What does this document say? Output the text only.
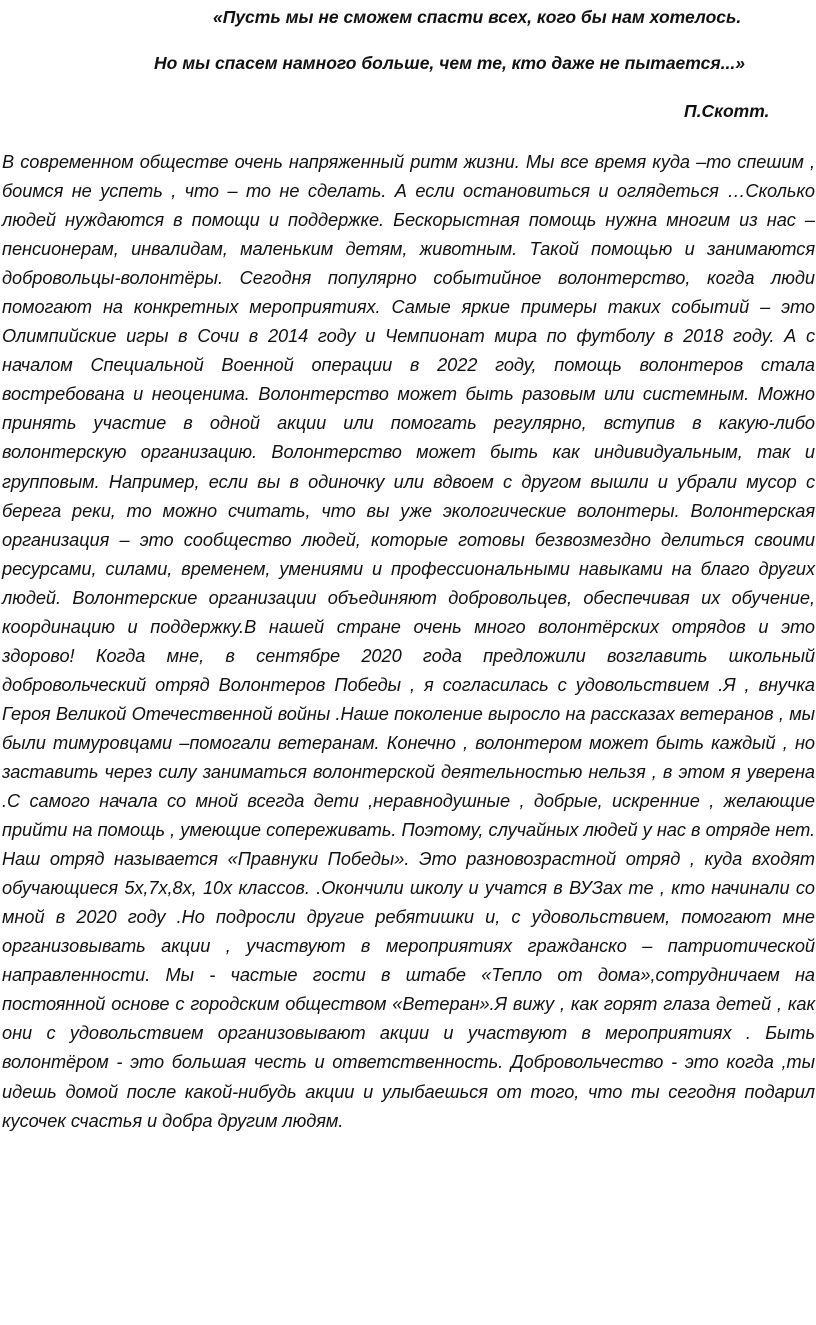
«Пусть мы не сможем спасти всех, кого бы нам хотелось.
Но мы спасем намного больше, чем те, кто даже не пытается...»
П.Скотт.

В современном обществе очень напряженный ритм жизни. Мы все время куда –то спешим , боимся не успеть , что – то не сделать. А если остановиться и оглядеться …Сколько людей нуждаются в помощи и поддержке. Бескорыстная помощь нужна многим из нас – пенсионерам, инвалидам, маленьким детям, животным. Такой помощью и занимаются добровольцы-волонтёры. Сегодня популярно событийное волонтерство, когда люди помогают на конкретных мероприятиях. Самые яркие примеры таких событий – это Олимпийские игры в Сочи в 2014 году и Чемпионат мира по футболу в 2018 году. А с началом Специальной Военной операции в 2022 году, помощь волонтеров стала востребована и неоценима. Волонтерство может быть разовым или системным. Можно принять участие в одной акции или помогать регулярно, вступив в какую-либо волонтерскую организацию. Волонтерство может быть как индивидуальным, так и групповым. Например, если вы в одиночку или вдвоем с другом вышли и убрали мусор с берега реки, то можно считать, что вы уже экологические волонтеры. Волонтерская организация – это сообщество людей, которые готовы безвозмездно делиться своими ресурсами, силами, временем, умениями и профессиональными навыками на благо других людей. Волонтерские организации объединяют добровольцев, обеспечивая их обучение, координацию и поддержку.В нашей стране очень много волонтёрских отрядов и это здорово! Когда мне, в сентябре 2020 года предложили возглавить школьный добровольческий отряд Волонтеров Победы , я согласилась с удовольствием .Я , внучка Героя Великой Отечественной войны .Наше поколение выросло на рассказах ветеранов , мы были тимуровцами –помогали ветеранам. Конечно , волонтером может быть каждый , но заставить через силу заниматься волонтерской деятельностью нельзя , в этом я уверена .С самого начала со мной всегда дети ,неравнодушные , добрые, искренние , желающие прийти на помощь , умеющие сопереживать. Поэтому, случайных людей у нас в отряде нет. Наш отряд называется «Правнуки Победы». Это разновозрастной отряд , куда входят обучающиеся 5х,7х,8х, 10х классов. .Окончили школу и учатся в ВУЗах те , кто начинали со мной в 2020 году .Но подросли другие ребятишки и, с удовольствием, помогают мне организовывать акции , участвуют в мероприятиях гражданско – патриотической направленности. Мы - частые гости в штабе «Тепло от дома»,сотрудничаем на постоянной основе с городским обществом «Ветеран».Я вижу , как горят глаза детей , как они с удовольствием организовывают акции и участвуют в мероприятиях . Быть волонтёром - это большая честь и ответственность. Добровольчество - это когда ,ты идешь домой после какой-нибудь акции и улыбаешься от того, что ты сегодня подарил кусочек счастья и добра другим людям.
